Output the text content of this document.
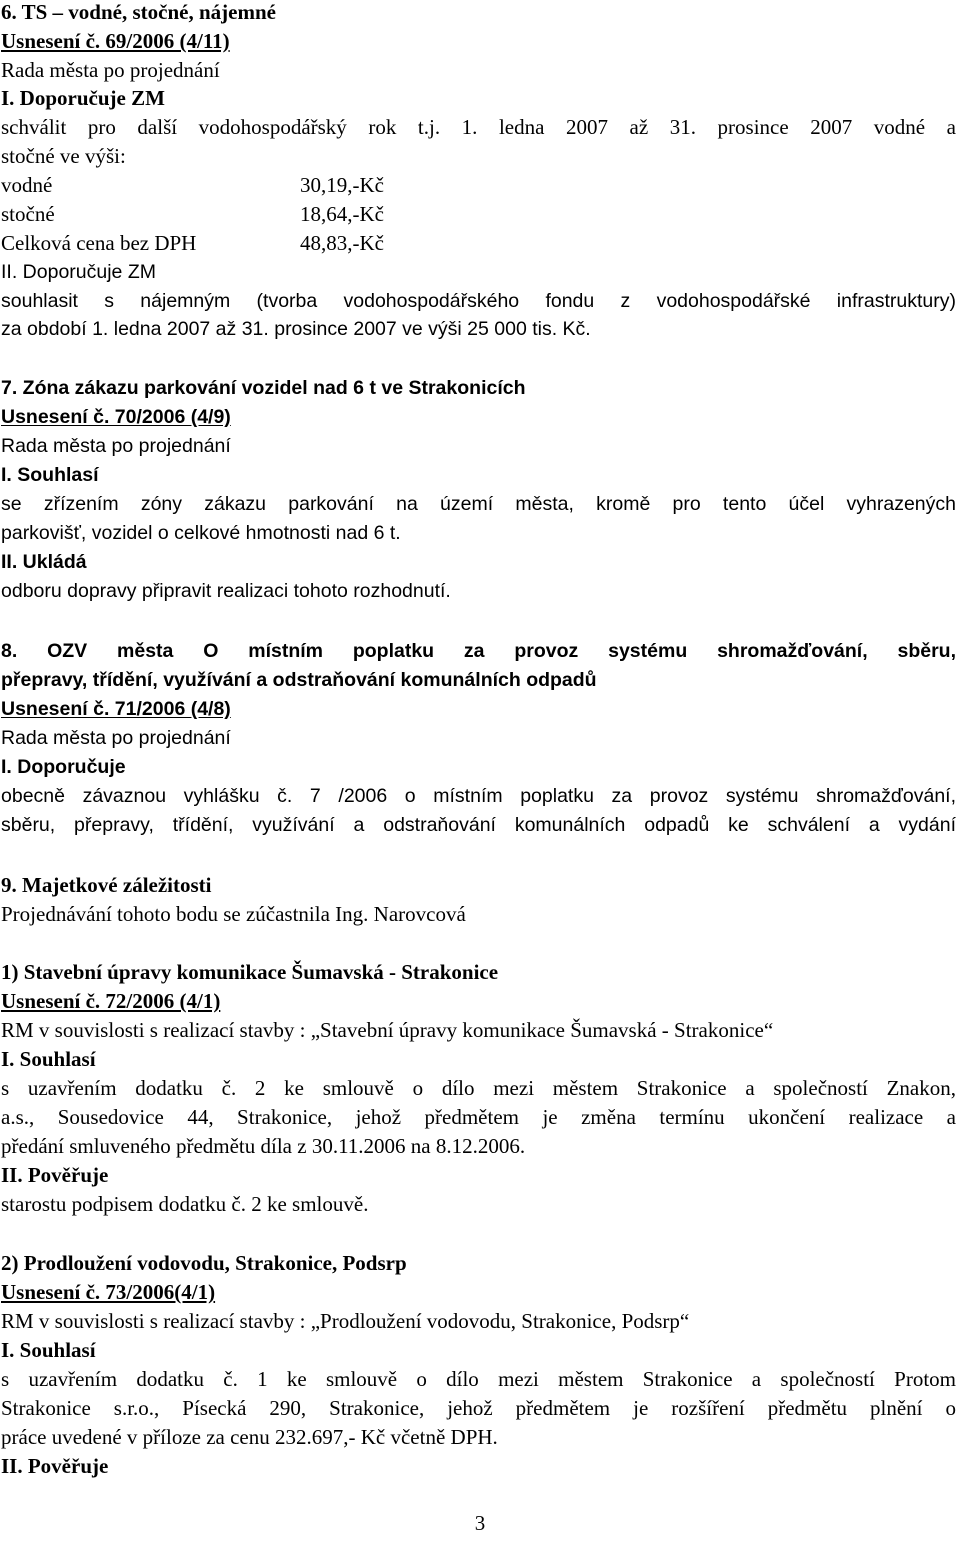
6. TS – vodné, stočné, nájemné
Usnesení č. 69/2006 (4/11)
Rada města po projednání
I. Doporučuje ZM
schválit pro další vodohospodářský rok t.j. 1. ledna 2007 až 31. prosince 2007 vodné a
stočné ve výši:
vodné	30,19,-Kč
stočné	18,64,-Kč
Celková cena bez DPH	48,83,-Kč
II. Doporučuje ZM
souhlasit s nájemným (tvorba vodohospodářského fondu z vodohospodářské infrastruktury)
za období 1. ledna 2007 až 31. prosince 2007 ve výši 25 000 tis. Kč.
7. Zóna zákazu parkování vozidel nad 6 t ve Strakonicích
Usnesení č. 70/2006 (4/9)
Rada města po projednání
I. Souhlasí
se zřízením zóny zákazu parkování na území města, kromě pro tento účel vyhrazených
parkovišť, vozidel o celkové hmotnosti nad 6 t.
II. Ukládá
odboru dopravy připravit realizaci tohoto rozhodnutí.
8. OZV města O místním poplatku za provoz systému shromažďování, sběru,
přepravy, třídění, využívání a odstraňování komunálních odpadů
Usnesení č. 71/2006 (4/8)
Rada města po projednání
I. Doporučuje
obecně závaznou vyhlášku č. 7 /2006 o místním poplatku za provoz systému shromažďování,
sběru, přepravy, třídění, využívání a odstraňování komunálních odpadů ke schválení a vydání
9. Majetkové záležitosti
Projednávání tohoto bodu se zúčastnila Ing. Narovcová
1) Stavební úpravy komunikace Šumavská - Strakonice
Usnesení č. 72/2006 (4/1)
RM v souvislosti s realizací stavby : „Stavební úpravy komunikace Šumavská - Strakonice“
I. Souhlasí
s uzavřením dodatku č. 2 ke smlouvě o dílo mezi městem Strakonice a společností Znakon,
a.s., Sousedovice 44, Strakonice, jehož předmětem je změna termínu ukončení realizace a
předání smluveného předmětu díla z 30.11.2006 na 8.12.2006.
II. Pověřuje
starostu podpisem dodatku č. 2 ke smlouvě.
2) Prodloužení vodovodu, Strakonice, Podsrp
Usnesení č. 73/2006(4/1)
RM v souvislosti s realizací stavby : „Prodloužení vodovodu, Strakonice, Podsrp“
I. Souhlasí
s uzavřením dodatku č. 1 ke smlouvě o dílo mezi městem Strakonice a společností Protom
Strakonice s.r.o., Písecká 290, Strakonice, jehož předmětem je rozšíření předmětu plnění o
práce uvedené v příloze za cenu 232.697,- Kč včetně DPH.
II. Pověřuje
3
